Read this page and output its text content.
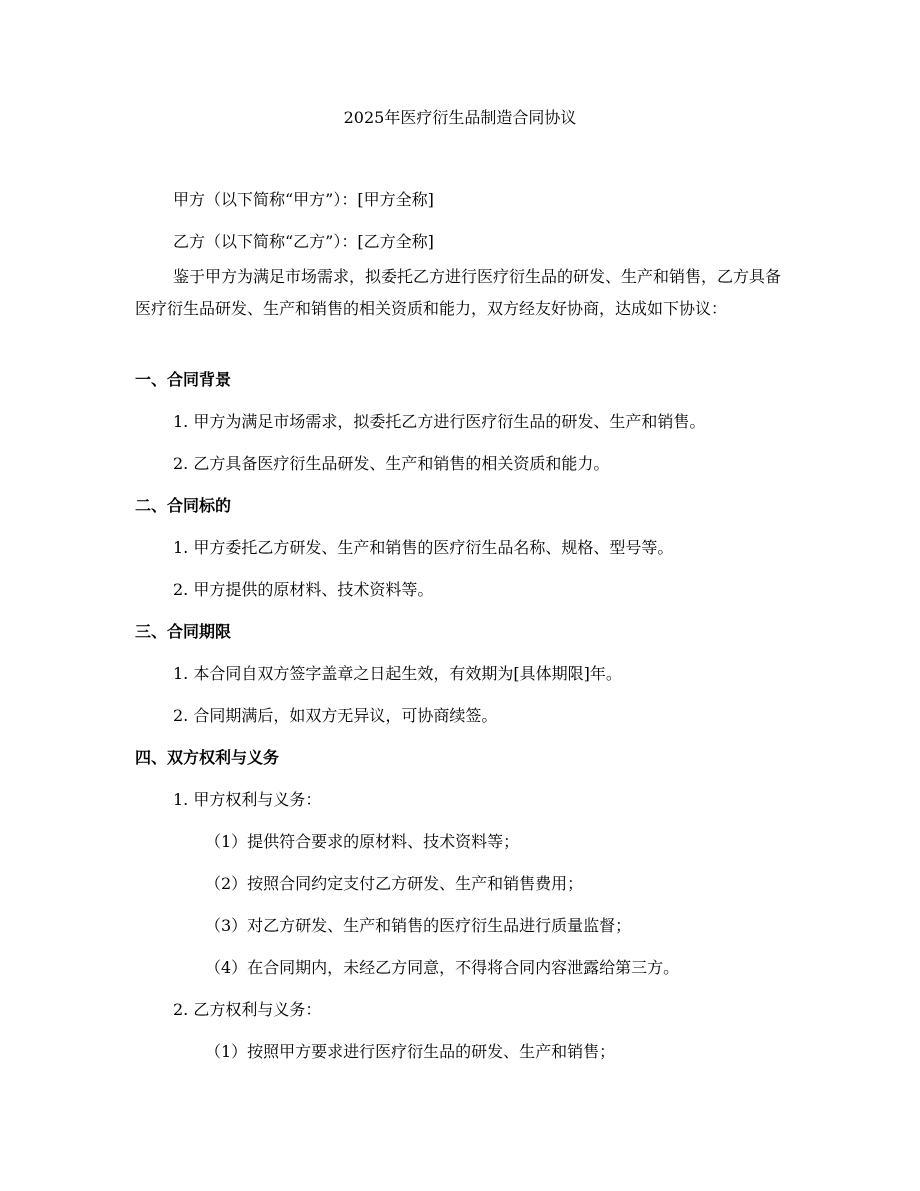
2025年医疗衍生品制造合同协议
甲方（以下简称“甲方”）：[甲方全称]
乙方（以下简称“乙方”）：[乙方全称]
鉴于甲方为满足市场需求，拟委托乙方进行医疗衍生品的研发、生产和销售，乙方具备医疗衍生品研发、生产和销售的相关资质和能力，双方经友好协商，达成如下协议：
一、合同背景
1. 甲方为满足市场需求，拟委托乙方进行医疗衍生品的研发、生产和销售。
2. 乙方具备医疗衍生品研发、生产和销售的相关资质和能力。
二、合同标的
1. 甲方委托乙方研发、生产和销售的医疗衍生品名称、规格、型号等。
2. 甲方提供的原材料、技术资料等。
三、合同期限
1. 本合同自双方签字盖章之日起生效，有效期为[具体期限]年。
2. 合同期满后，如双方无异议，可协商续签。
四、双方权利与义务
1. 甲方权利与义务：
（1）提供符合要求的原材料、技术资料等；
（2）按照合同约定支付乙方研发、生产和销售费用；
（3）对乙方研发、生产和销售的医疗衍生品进行质量监督；
（4）在合同期内，未经乙方同意，不得将合同内容泄露给第三方。
2. 乙方权利与义务：
（1）按照甲方要求进行医疗衍生品的研发、生产和销售；
